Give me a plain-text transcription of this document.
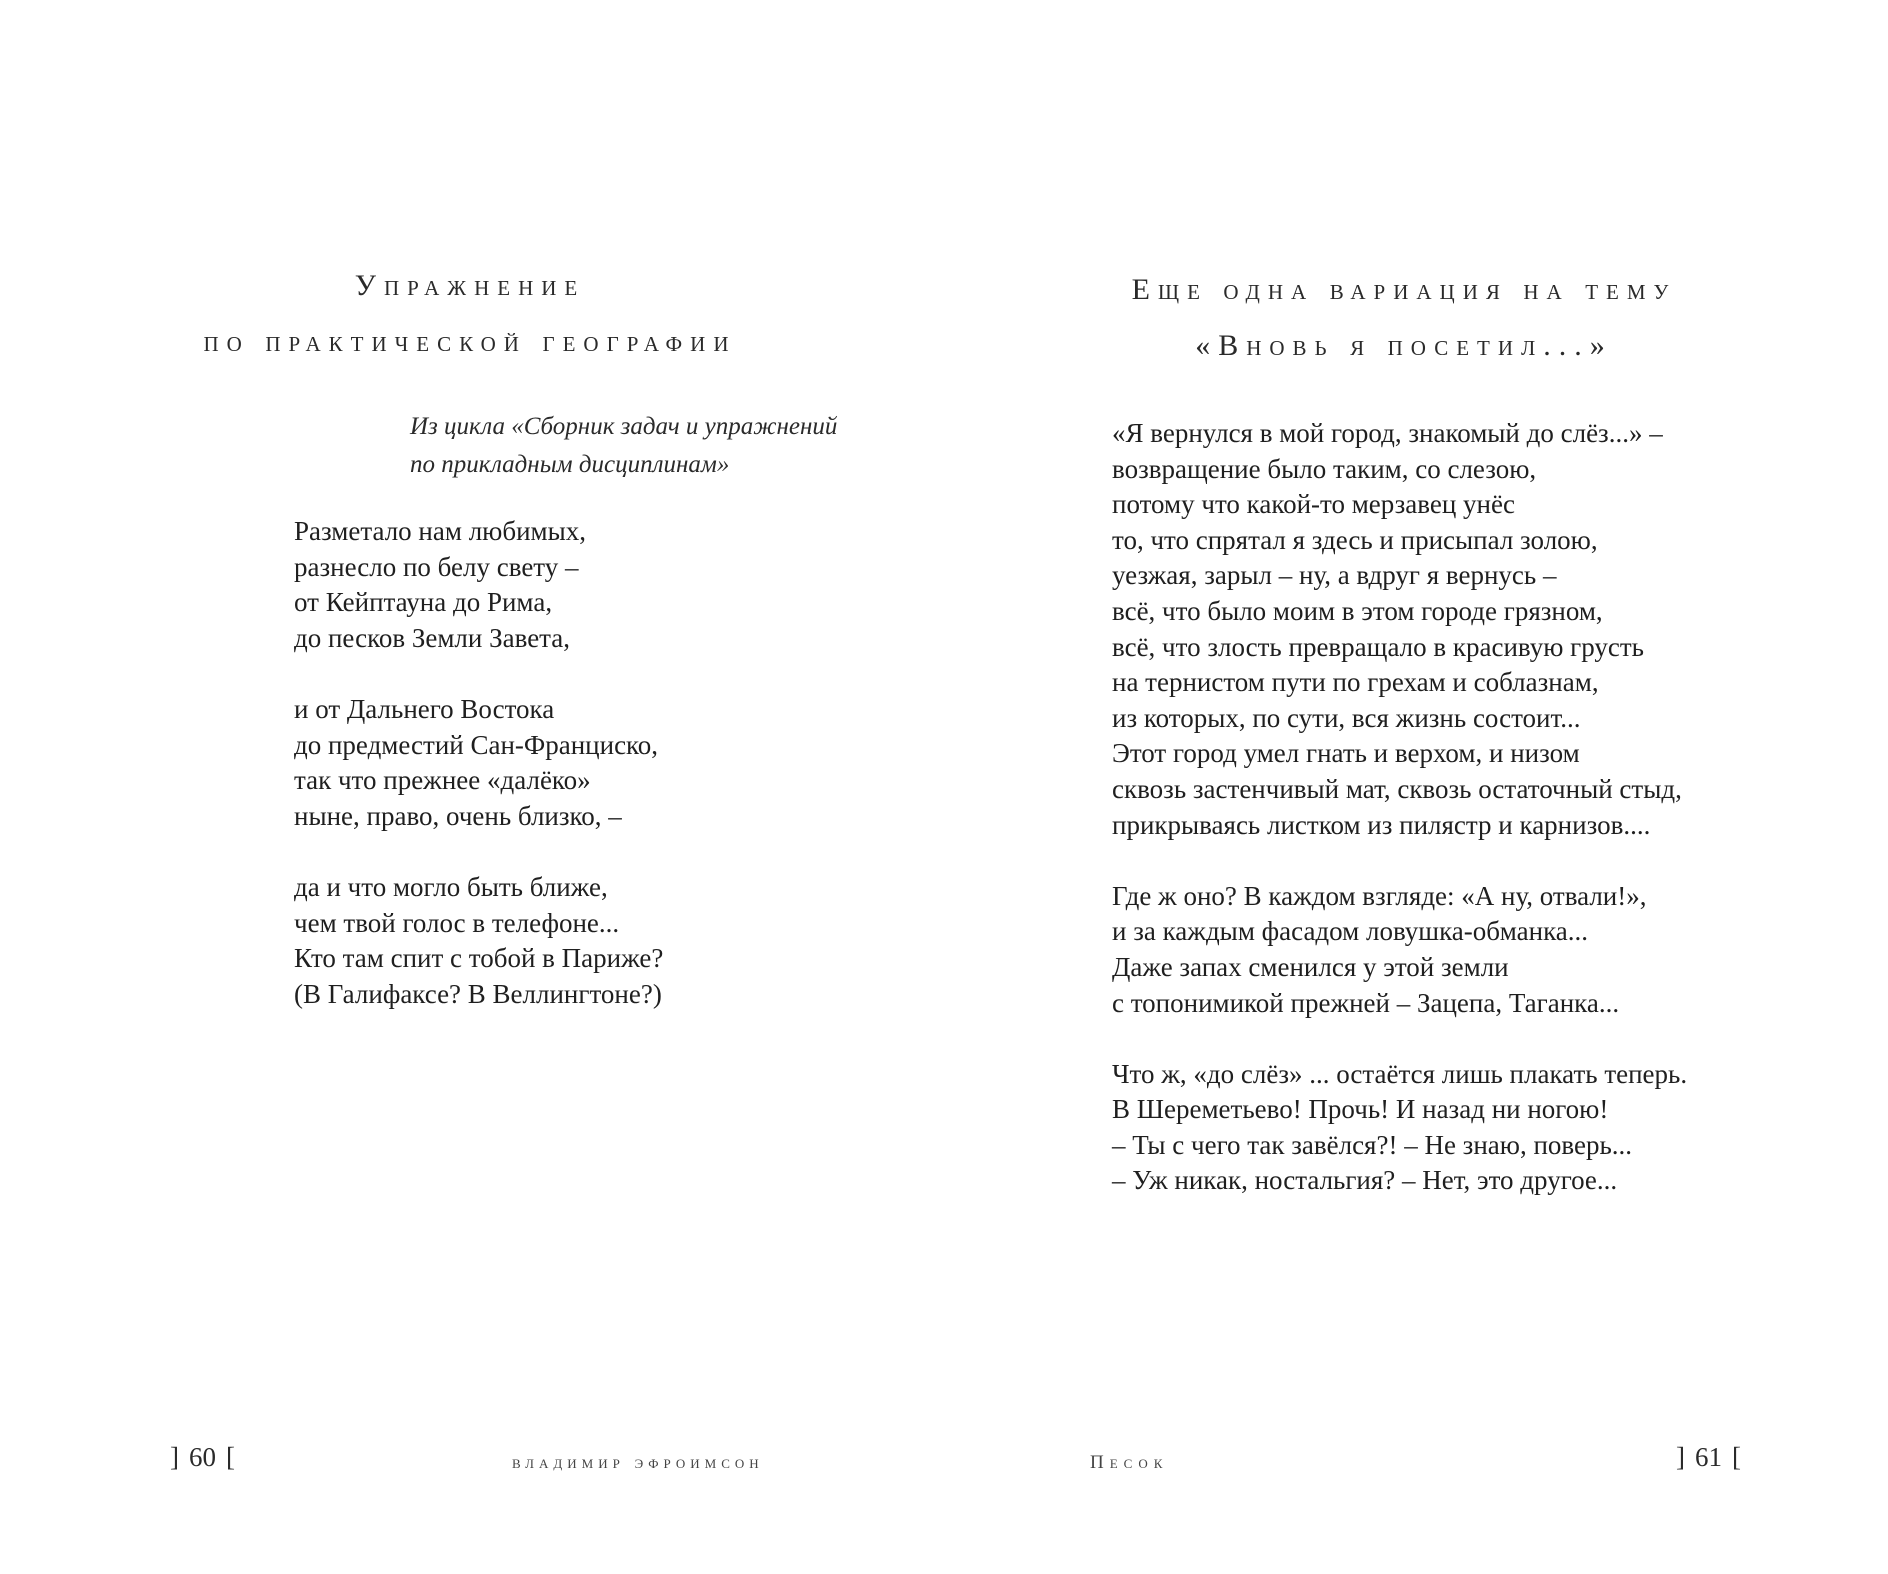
Упражнение
по практической географии
Из цикла «Сборник задач и упражнений
по прикладным дисциплинам»
Разметало нам любимых,
разнесло по белу свету –
от Кейптауна до Рима,
до песков Земли Завета,
и от Дальнего Востока
до предместий Сан-Франциско,
так что прежнее «далёко»
ныне, право, очень близко, –
да и что могло быть ближе,
чем твой голос в телефоне...
Кто там спит с тобой в Париже?
(В Галифаксе? В Веллингтоне?)
] 60 [	владимир эфроимсон
Еще одна вариация на тему
«Вновь я посетил...»
«Я вернулся в мой город, знакомый до слёз...» –
возвращение было таким, со слезою,
потому что какой-то мерзавец унёс
то, что спрятал я здесь и присыпал золою,
уезжая, зарыл – ну, а вдруг я вернусь –
всё, что было моим в этом городе грязном,
всё, что злость превращало в красивую грусть
на тернистом пути по грехам и соблазнам,
из которых, по сути, вся жизнь состоит...
Этот город умел гнать и верхом, и низом
сквозь застенчивый мат, сквозь остаточный стыд,
прикрываясь листком из пилястр и карнизов....
Где ж оно? В каждом взгляде: «А ну, отвали!»,
и за каждым фасадом ловушка-обманка...
Даже запах сменился у этой земли
с топонимикой прежней – Зацепа, Таганка...
Что ж, «до слёз» ... остаётся лишь плакать теперь.
В Шереметьево! Прочь! И назад ни ногою!
– Ты с чего так завёлся?! – Не знаю, поверь...
– Уж никак, ностальгия? – Нет, это другое...
Песок	] 61 [
